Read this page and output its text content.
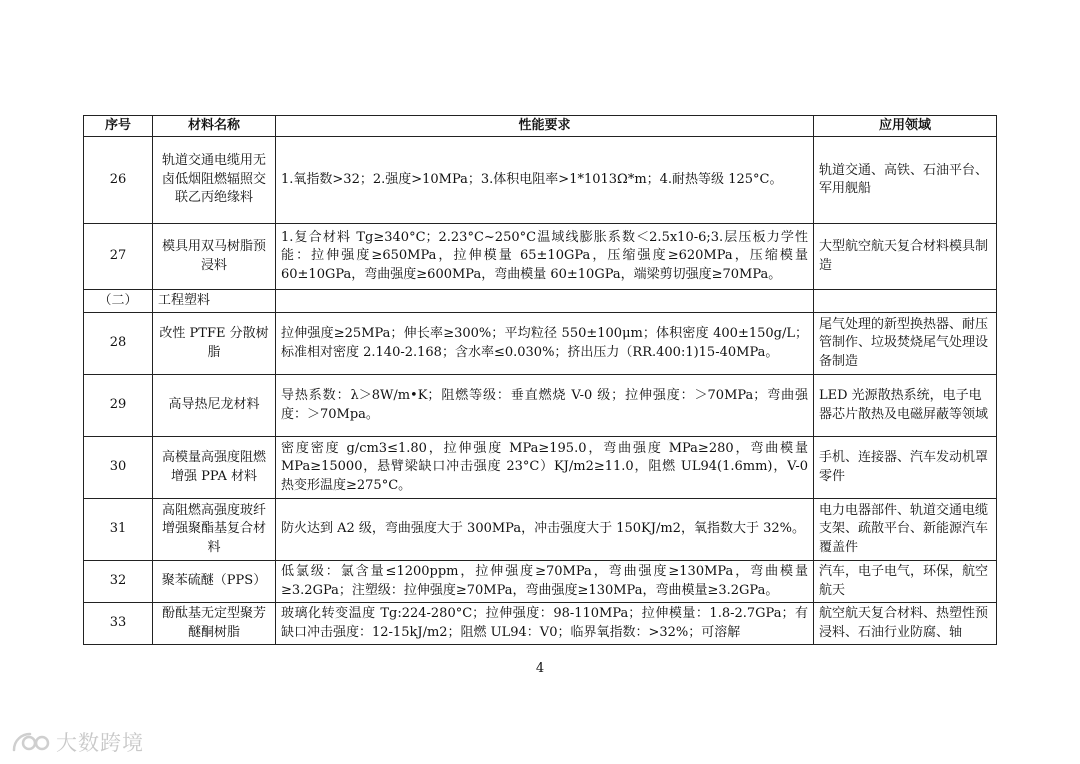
序号	材料名称	性能要求	应用领域
26	轨道交通电缆用无卤低烟阻燃辐照交联乙丙绝缘料	1.氧指数>32；2.强度>10MPa；3.体积电阻率>1*1013Ω*m；4.耐热等级 125°C。	轨道交通、高铁、石油平台、军用舰船
27	模具用双马树脂预浸料	1.复合材料 Tg≥340°C；2.23°C~250°C温域线膨胀系数＜2.5x10-6;3.层压板力学性能：拉伸强度≥650MPa，拉伸模量 65±10GPa，压缩强度≥620MPa，压缩模量 60±10GPa，弯曲强度≥600MPa，弯曲模量 60±10GPa，端梁剪切强度≥70MPa。	大型航空航天复合材料模具制造
（二）	工程塑料		
28	改性 PTFE 分散树脂	拉伸强度≥25MPa；伸长率≥300%；平均粒径 550±100μm；体积密度 400±150g/L；标准相对密度 2.140-2.168；含水率≤0.030%；挤出压力（RR.400:1)15-40MPa。	尾气处理的新型换热器、耐压管制作、垃圾焚烧尾气处理设备制造
29	高导热尼龙材料	导热系数：λ＞8W/m•K；阻燃等级：垂直燃烧 V-0 级；拉伸强度：＞70MPa；弯曲强度：＞70Mpa。	LED 光源散热系统，电子电器芯片散热及电磁屏蔽等领域
30	高模量高强度阻燃增强 PPA 材料	密度密度 g/cm3≤1.80，拉伸强度 MPa≥195.0，弯曲强度 MPa≥280，弯曲模量 MPa≥15000，悬臂梁缺口冲击强度 23°C）KJ/m2≥11.0，阻燃 UL94(1.6mm)，V-0 热变形温度≥275°C。	手机、连接器、汽车发动机罩零件
31	高阻燃高强度玻纤增强聚酯基复合材料	防火达到 A2 级，弯曲强度大于 300MPa，冲击强度大于 150KJ/m2，氧指数大于 32%。	电力电器部件、轨道交通电缆支架、疏散平台、新能源汽车覆盖件
32	聚苯硫醚（PPS）	低氯级：氯含量≤1200ppm，拉伸强度≥70MPa，弯曲强度≥130MPa，弯曲模量≥3.2GPa；注塑级：拉伸强度≥70MPa，弯曲强度≥130MPa，弯曲模量≥3.2GPa。	汽车，电子电气，环保，航空航天
33	酚酞基无定型聚芳醚酮树脂	玻璃化转变温度 Tg:224-280°C；拉伸强度：98-110MPa；拉伸模量：1.8-2.7GPa；有缺口冲击强度：12-15kJ/m2；阻燃 UL94：V0；临界氧指数：>32%；可溶解	航空航天复合材料、热塑性预浸料、石油行业防腐、轴
4
大数跨境
